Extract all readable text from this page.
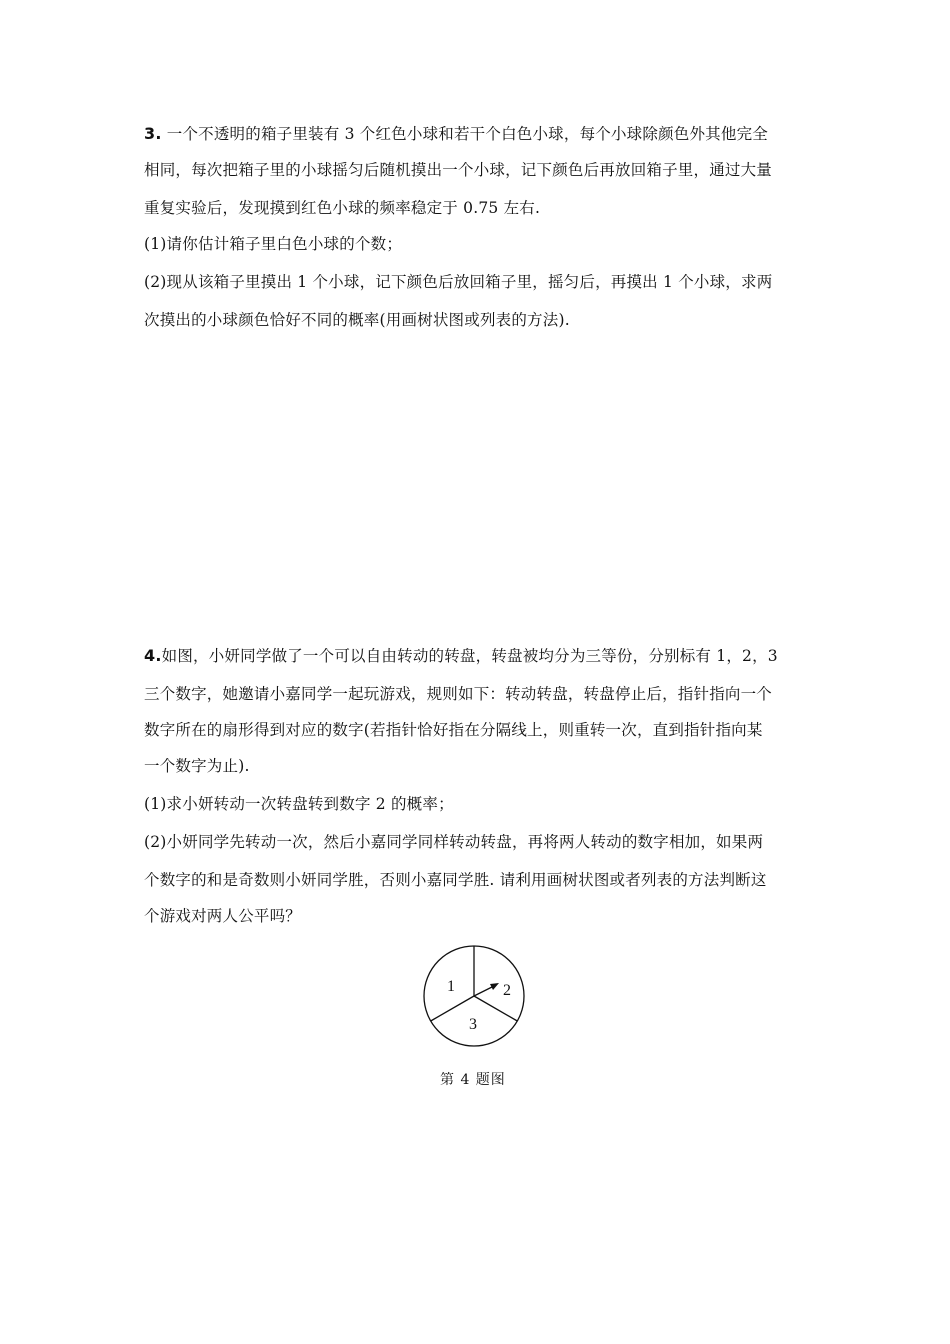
3. 一个不透明的箱子里装有 3 个红色小球和若干个白色小球，每个小球除颜色外其他完全
相同，每次把箱子里的小球摇匀后随机摸出一个小球，记下颜色后再放回箱子里，通过大量
重复实验后，发现摸到红色小球的频率稳定于 0.75 左右.
(1)请你估计箱子里白色小球的个数；
(2)现从该箱子里摸出 1 个小球，记下颜色后放回箱子里，摇匀后，再摸出 1 个小球，求两
次摸出的小球颜色恰好不同的概率(用画树状图或列表的方法).
4.如图，小妍同学做了一个可以自由转动的转盘，转盘被均分为三等份，分别标有 1，2，3
三个数字，她邀请小嘉同学一起玩游戏，规则如下：转动转盘，转盘停止后，指针指向一个
数字所在的扇形得到对应的数字(若指针恰好指在分隔线上，则重转一次，直到指针指向某
一个数字为止).
(1)求小妍转动一次转盘转到数字 2 的概率；
(2)小妍同学先转动一次，然后小嘉同学同样转动转盘，再将两人转动的数字相加，如果两
个数字的和是奇数则小妍同学胜，否则小嘉同学胜. 请利用画树状图或者列表的方法判断这
个游戏对两人公平吗？
1	2
3
第 4 题图
